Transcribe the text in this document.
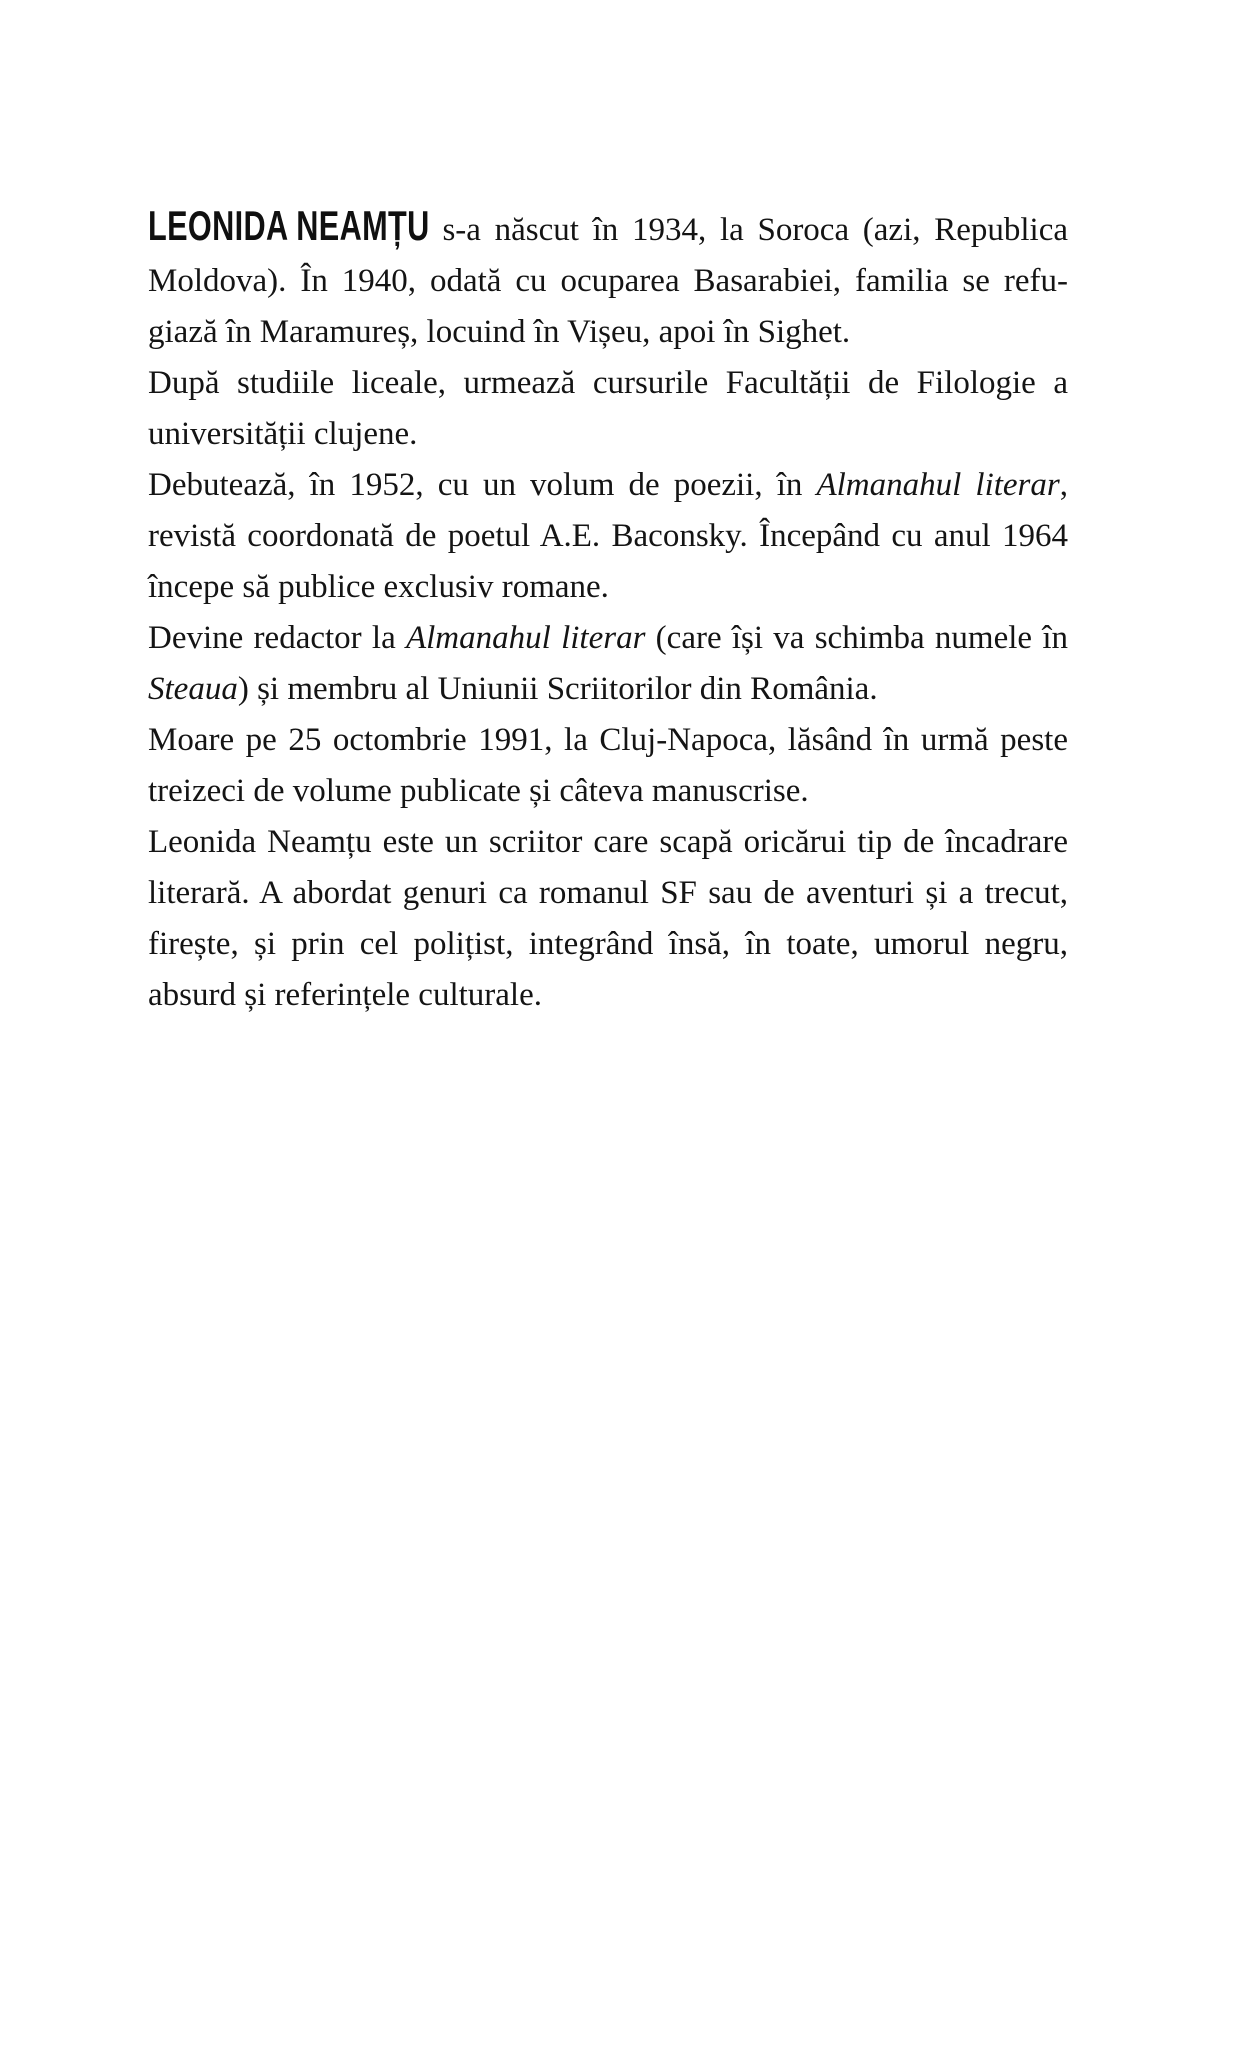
LEONIDA NEAMȚU s-a născut în 1934, la Soroca (azi, Republica Moldova). În 1940, odată cu ocuparea Basarabiei, familia se refugiază în Maramureș, locuind în Vișeu, apoi în Sighet.

După studiile liceale, urmează cursurile Facultății de Filologie a universității clujene.

Debutează, în 1952, cu un volum de poezii, în Almanahul literar, revistă coordonată de poetul A.E. Baconsky. Începând cu anul 1964 începe să publice exclusiv romane.

Devine redactor la Almanahul literar (care își va schimba numele în Steaua) și membru al Uniunii Scriitorilor din România.

Moare pe 25 octombrie 1991, la Cluj-Napoca, lăsând în urmă peste treizeci de volume publicate și câteva manuscrise.

Leonida Neamțu este un scriitor care scapă oricărui tip de încadrare literară. A abordat genuri ca romanul SF sau de aventuri și a trecut, firește, și prin cel polițist, integrând însă, în toate, umorul negru, absurd și referințele culturale.
